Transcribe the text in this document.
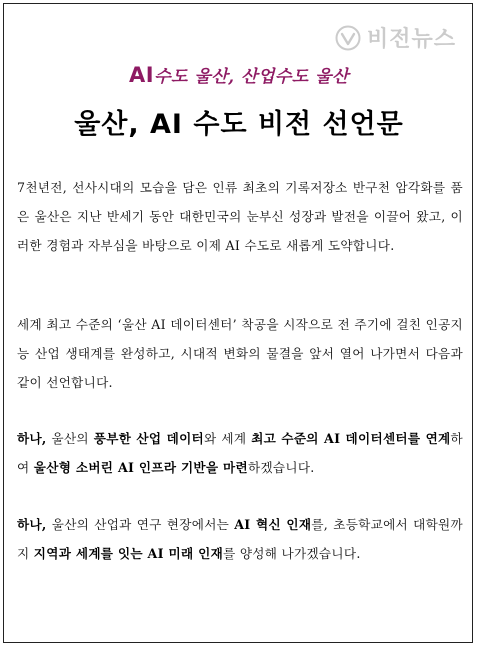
비전뉴스
AI수도 울산, 산업수도 울산
울산, AI 수도 비전 선언문
7천년전, 선사시대의 모습을 담은 인류 최초의 기록저장소 반구천 암각화를 품은 울산은 지난 반세기 동안 대한민국의 눈부신 성장과 발전을 이끌어 왔고, 이러한 경험과 자부심을 바탕으로 이제 AI 수도로 새롭게 도약합니다.
세계 최고 수준의 ‘울산 AI 데이터센터’ 착공을 시작으로 전 주기에 걸친 인공지능 산업 생태계를 완성하고, 시대적 변화의 물결을 앞서 열어 나가면서 다음과 같이 선언합니다.
하나, 울산의 풍부한 산업 데이터와 세계 최고 수준의 AI 데이터센터를 연계하여 울산형 소버린 AI 인프라 기반을 마련하겠습니다.
하나, 울산의 산업과 연구 현장에서는 AI 혁신 인재를, 초등학교에서 대학원까지 지역과 세계를 잇는 AI 미래 인재를 양성해 나가겠습니다.
